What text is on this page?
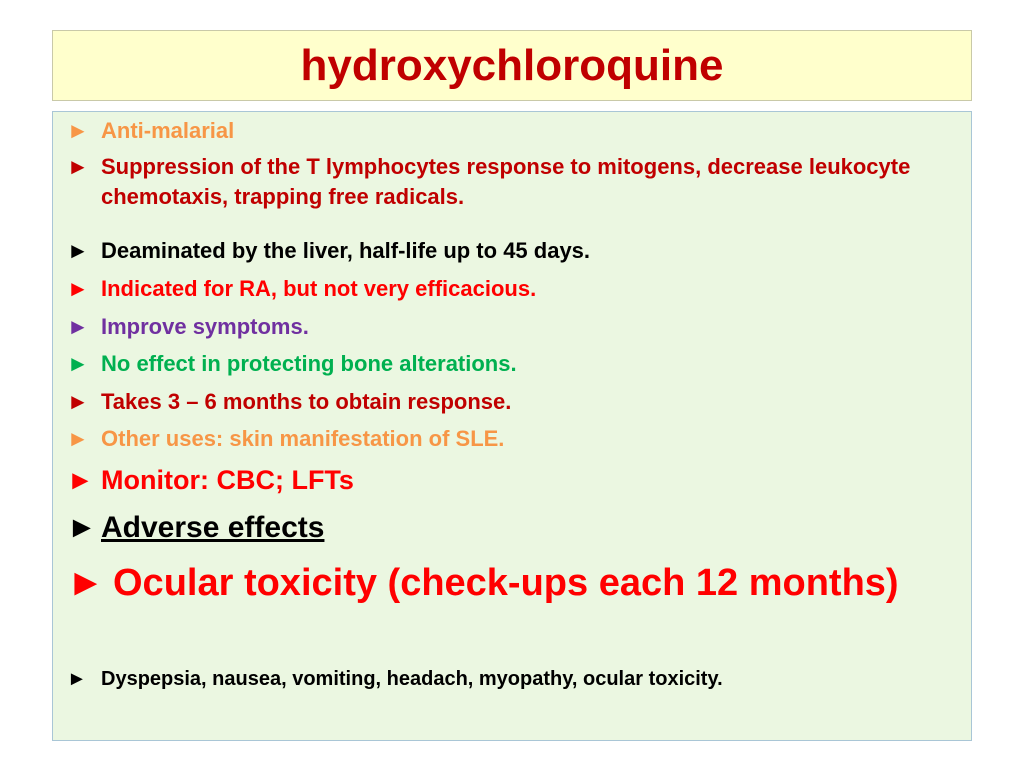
hydroxychloroquine
► Anti-malarial
► Suppression of the T lymphocytes response to mitogens, decrease leukocyte chemotaxis, trapping free radicals.
► Deaminated by the liver, half-life up to 45 days.
► Indicated for RA, but not very efficacious.
► Improve symptoms.
► No effect in protecting bone alterations.
► Takes 3 – 6 months to obtain response.
► Other uses: skin manifestation of SLE.
► Monitor: CBC; LFTs
► Adverse effects
► Ocular toxicity (check-ups each 12 months)
► Dyspepsia, nausea, vomiting, headach, myopathy, ocular toxicity.
